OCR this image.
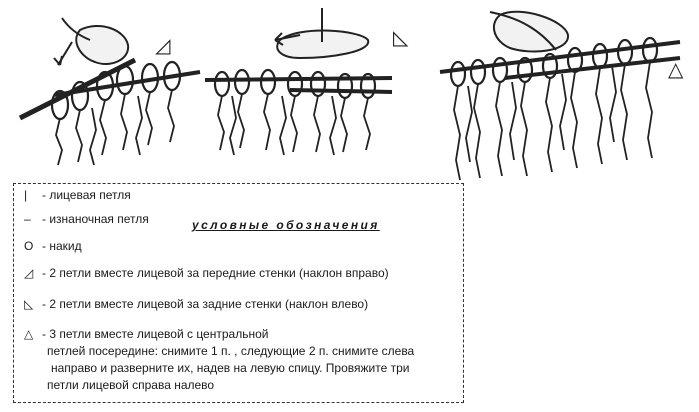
◿	◺
△
условные обозначения
| - лицевая петля
– - изнаночная петля
O - накид
◿ - 2 петли вместе лицевой за передние стенки (наклон вправо)
◺ - 2 петли вместе лицевой за задние стенки (наклон влево)
△ - 3 петли вместе лицевой с центральной
петлей посередине: снимите 1 п. , следующие 2 п. снимите слева
направо и разверните их, надев на левую спицу. Провяжите три
петли лицевой справа налево
